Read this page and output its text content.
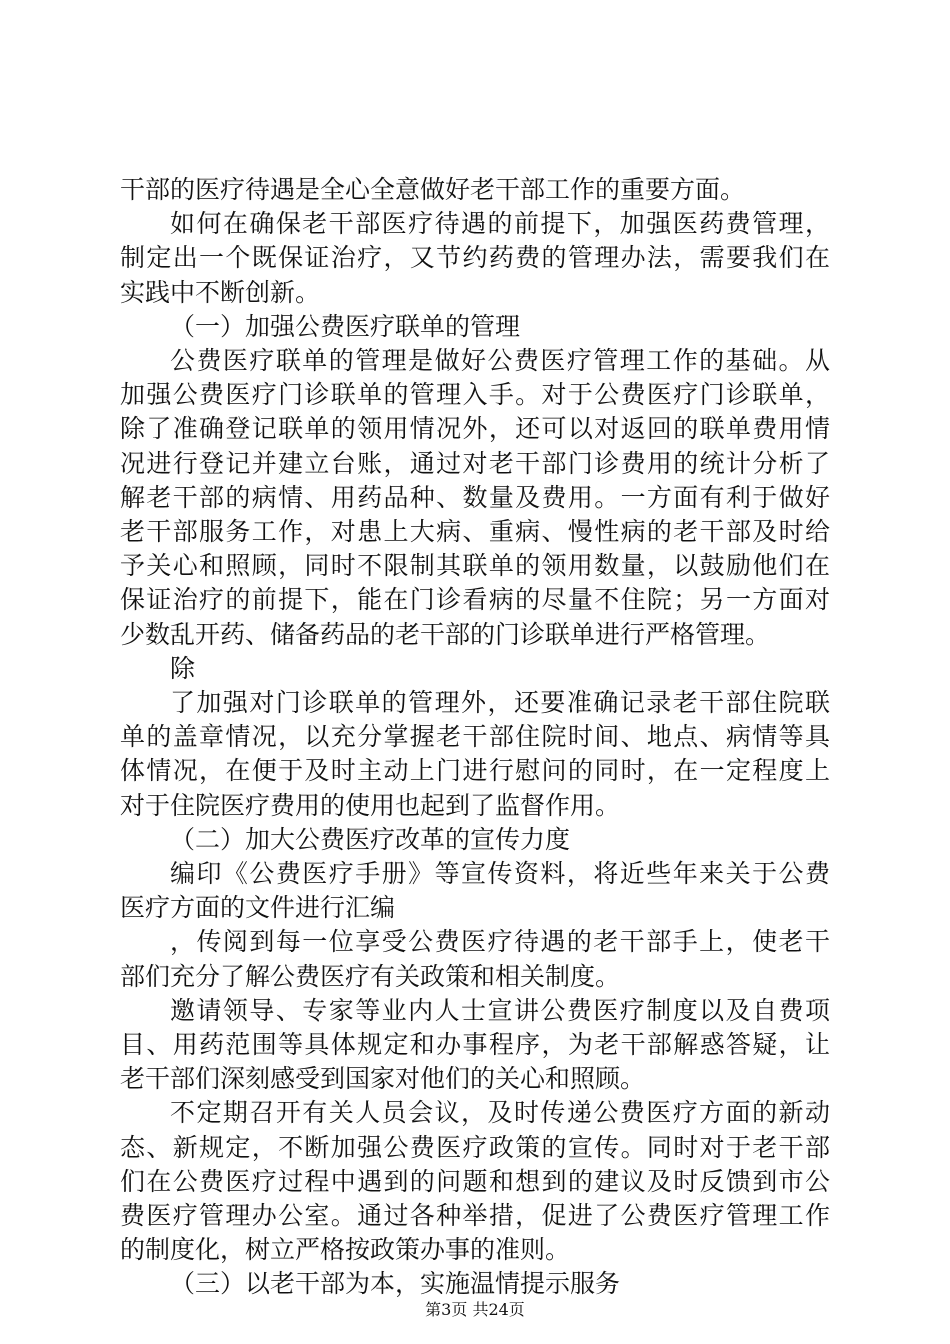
干部的医疗待遇是全心全意做好老干部工作的重要方面。
如何在确保老干部医疗待遇的前提下，加强医药费管理，
制定出一个既保证治疗，又节约药费的管理办法，需要我们在
实践中不断创新。
（一）加强公费医疗联单的管理
公费医疗联单的管理是做好公费医疗管理工作的基础。从
加强公费医疗门诊联单的管理入手。对于公费医疗门诊联单，
除了准确登记联单的领用情况外，还可以对返回的联单费用情
况进行登记并建立台账，通过对老干部门诊费用的统计分析了
解老干部的病情、用药品种、数量及费用。一方面有利于做好
老干部服务工作，对患上大病、重病、慢性病的老干部及时给
予关心和照顾，同时不限制其联单的领用数量，以鼓励他们在
保证治疗的前提下，能在门诊看病的尽量不住院；另一方面对
少数乱开药、储备药品的老干部的门诊联单进行严格管理。
除
了加强对门诊联单的管理外，还要准确记录老干部住院联
单的盖章情况，以充分掌握老干部住院时间、地点、病情等具
体情况，在便于及时主动上门进行慰问的同时，在一定程度上
对于住院医疗费用的使用也起到了监督作用。
（二）加大公费医疗改革的宣传力度
编印《公费医疗手册》等宣传资料，将近些年来关于公费
医疗方面的文件进行汇编
，传阅到每一位享受公费医疗待遇的老干部手上，使老干
部们充分了解公费医疗有关政策和相关制度。
邀请领导、专家等业内人士宣讲公费医疗制度以及自费项
目、用药范围等具体规定和办事程序，为老干部解惑答疑，让
老干部们深刻感受到国家对他们的关心和照顾。
不定期召开有关人员会议，及时传递公费医疗方面的新动
态、新规定，不断加强公费医疗政策的宣传。同时对于老干部
们在公费医疗过程中遇到的问题和想到的建议及时反馈到市公
费医疗管理办公室。通过各种举措，促进了公费医疗管理工作
的制度化，树立严格按政策办事的准则。
（三）以老干部为本，实施温情提示服务
第3页 共24页
